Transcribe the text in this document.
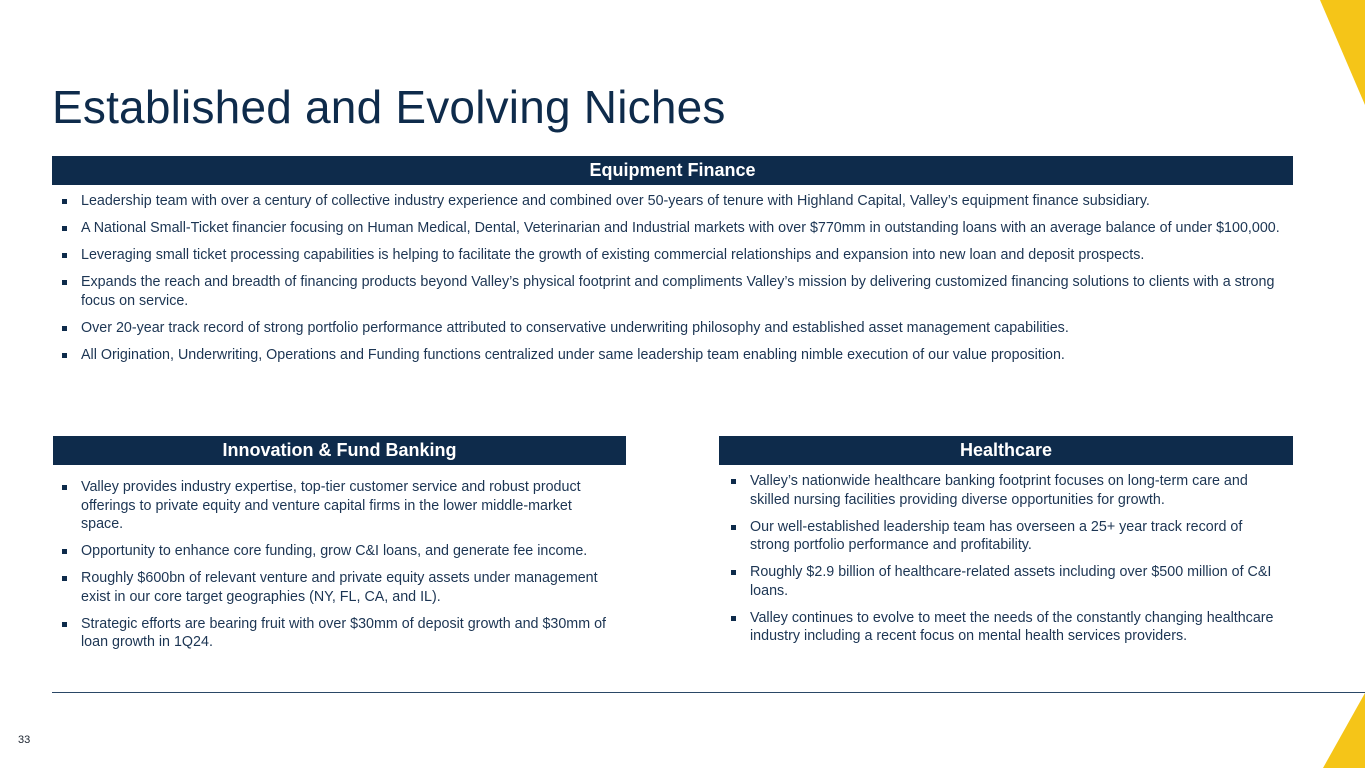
Established and Evolving Niches
Equipment Finance
Leadership team with over a century of collective industry experience and combined over 50-years of tenure with Highland Capital, Valley’s equipment finance subsidiary.
A National Small-Ticket financier focusing on Human Medical, Dental, Veterinarian and Industrial markets with over $770mm in outstanding loans with an average balance of under $100,000.
Leveraging small ticket processing capabilities is helping to facilitate the growth of existing commercial relationships and expansion into new loan and deposit prospects.
Expands the reach and breadth of financing products beyond Valley’s physical footprint and compliments Valley’s mission by delivering customized financing solutions to clients with a strong focus on service.
Over 20-year track record of strong portfolio performance attributed to conservative underwriting philosophy and established asset management capabilities.
All Origination, Underwriting, Operations and Funding functions centralized under same leadership team enabling nimble execution of our value proposition.
Innovation & Fund Banking
Valley provides industry expertise, top-tier customer service and robust product offerings to private equity and venture capital firms in the lower middle-market space.
Opportunity to enhance core funding, grow C&I loans, and generate fee income.
Roughly $600bn of relevant venture and private equity assets under management exist in our core target geographies (NY, FL, CA, and IL).
Strategic efforts are bearing fruit with over $30mm of deposit growth and $30mm of loan growth in 1Q24.
Healthcare
Valley’s nationwide healthcare banking footprint focuses on long-term care and skilled nursing facilities providing diverse opportunities for growth.
Our well-established leadership team has overseen a 25+ year track record of strong portfolio performance and profitability.
Roughly $2.9 billion of healthcare-related assets including over $500 million of C&I loans.
Valley continues to evolve to meet the needs of the constantly changing healthcare industry including a recent focus on mental health services providers.
33
